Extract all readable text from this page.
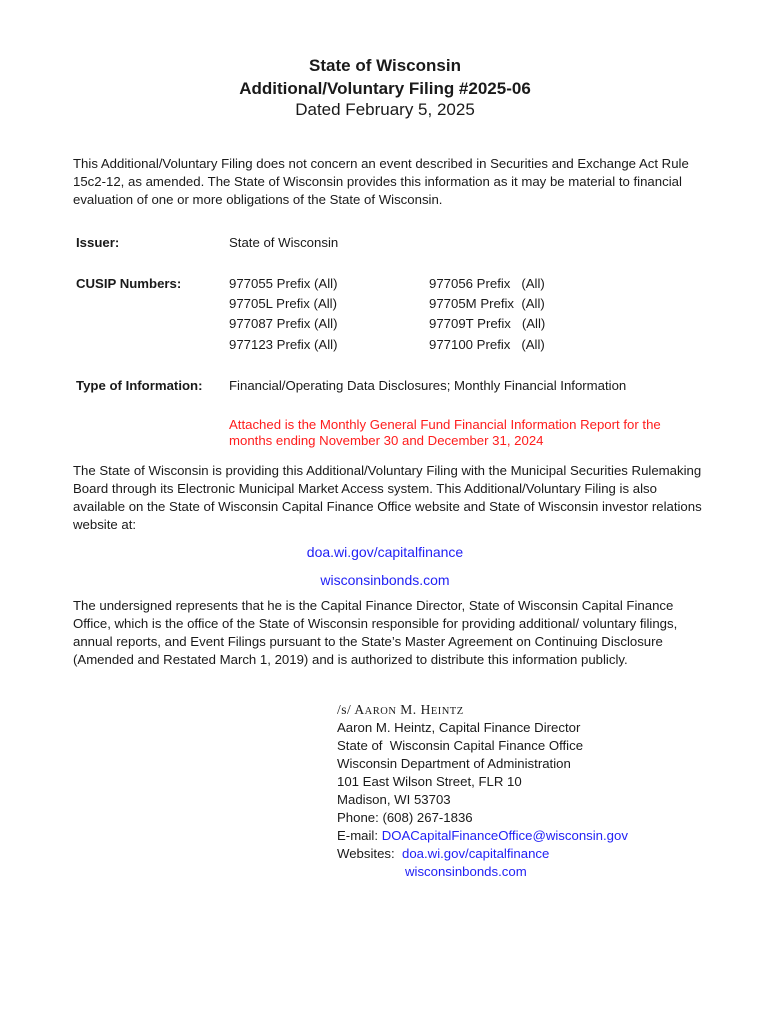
State of Wisconsin
Additional/Voluntary Filing #2025-06
Dated February 5, 2025
This Additional/Voluntary Filing does not concern an event described in Securities and Exchange Act Rule 15c2-12, as amended. The State of Wisconsin provides this information as it may be material to financial evaluation of one or more obligations of the State of Wisconsin.
Issuer:	State of Wisconsin
CUSIP Numbers:	977055 Prefix (All)
97705L Prefix (All)
977087 Prefix (All)
977123 Prefix (All)
977056 Prefix   (All)
97705M Prefix  (All)
97709T Prefix   (All)
977100 Prefix   (All)
Type of Information: Financial/Operating Data Disclosures; Monthly Financial Information
Attached is the Monthly General Fund Financial Information Report for the months ending November 30 and December 31, 2024
The State of Wisconsin is providing this Additional/Voluntary Filing with the Municipal Securities Rulemaking Board through its Electronic Municipal Market Access system. This Additional/Voluntary Filing is also available on the State of Wisconsin Capital Finance Office website and State of Wisconsin investor relations website at:
doa.wi.gov/capitalfinance
wisconsinbonds.com
The undersigned represents that he is the Capital Finance Director, State of Wisconsin Capital Finance Office, which is the office of the State of Wisconsin responsible for providing additional/ voluntary filings, annual reports, and Event Filings pursuant to the State’s Master Agreement on Continuing Disclosure (Amended and Restated March 1, 2019) and is authorized to distribute this information publicly.
/s/ AARON M. HEINTZ
Aaron M. Heintz, Capital Finance Director
State of  Wisconsin Capital Finance Office
Wisconsin Department of Administration
101 East Wilson Street, FLR 10
Madison, WI 53703
Phone: (608) 267-1836
E-mail: DOACapitalFinanceOffice@wisconsin.gov
Websites: doa.wi.gov/capitalfinance
wisconsinbonds.com
